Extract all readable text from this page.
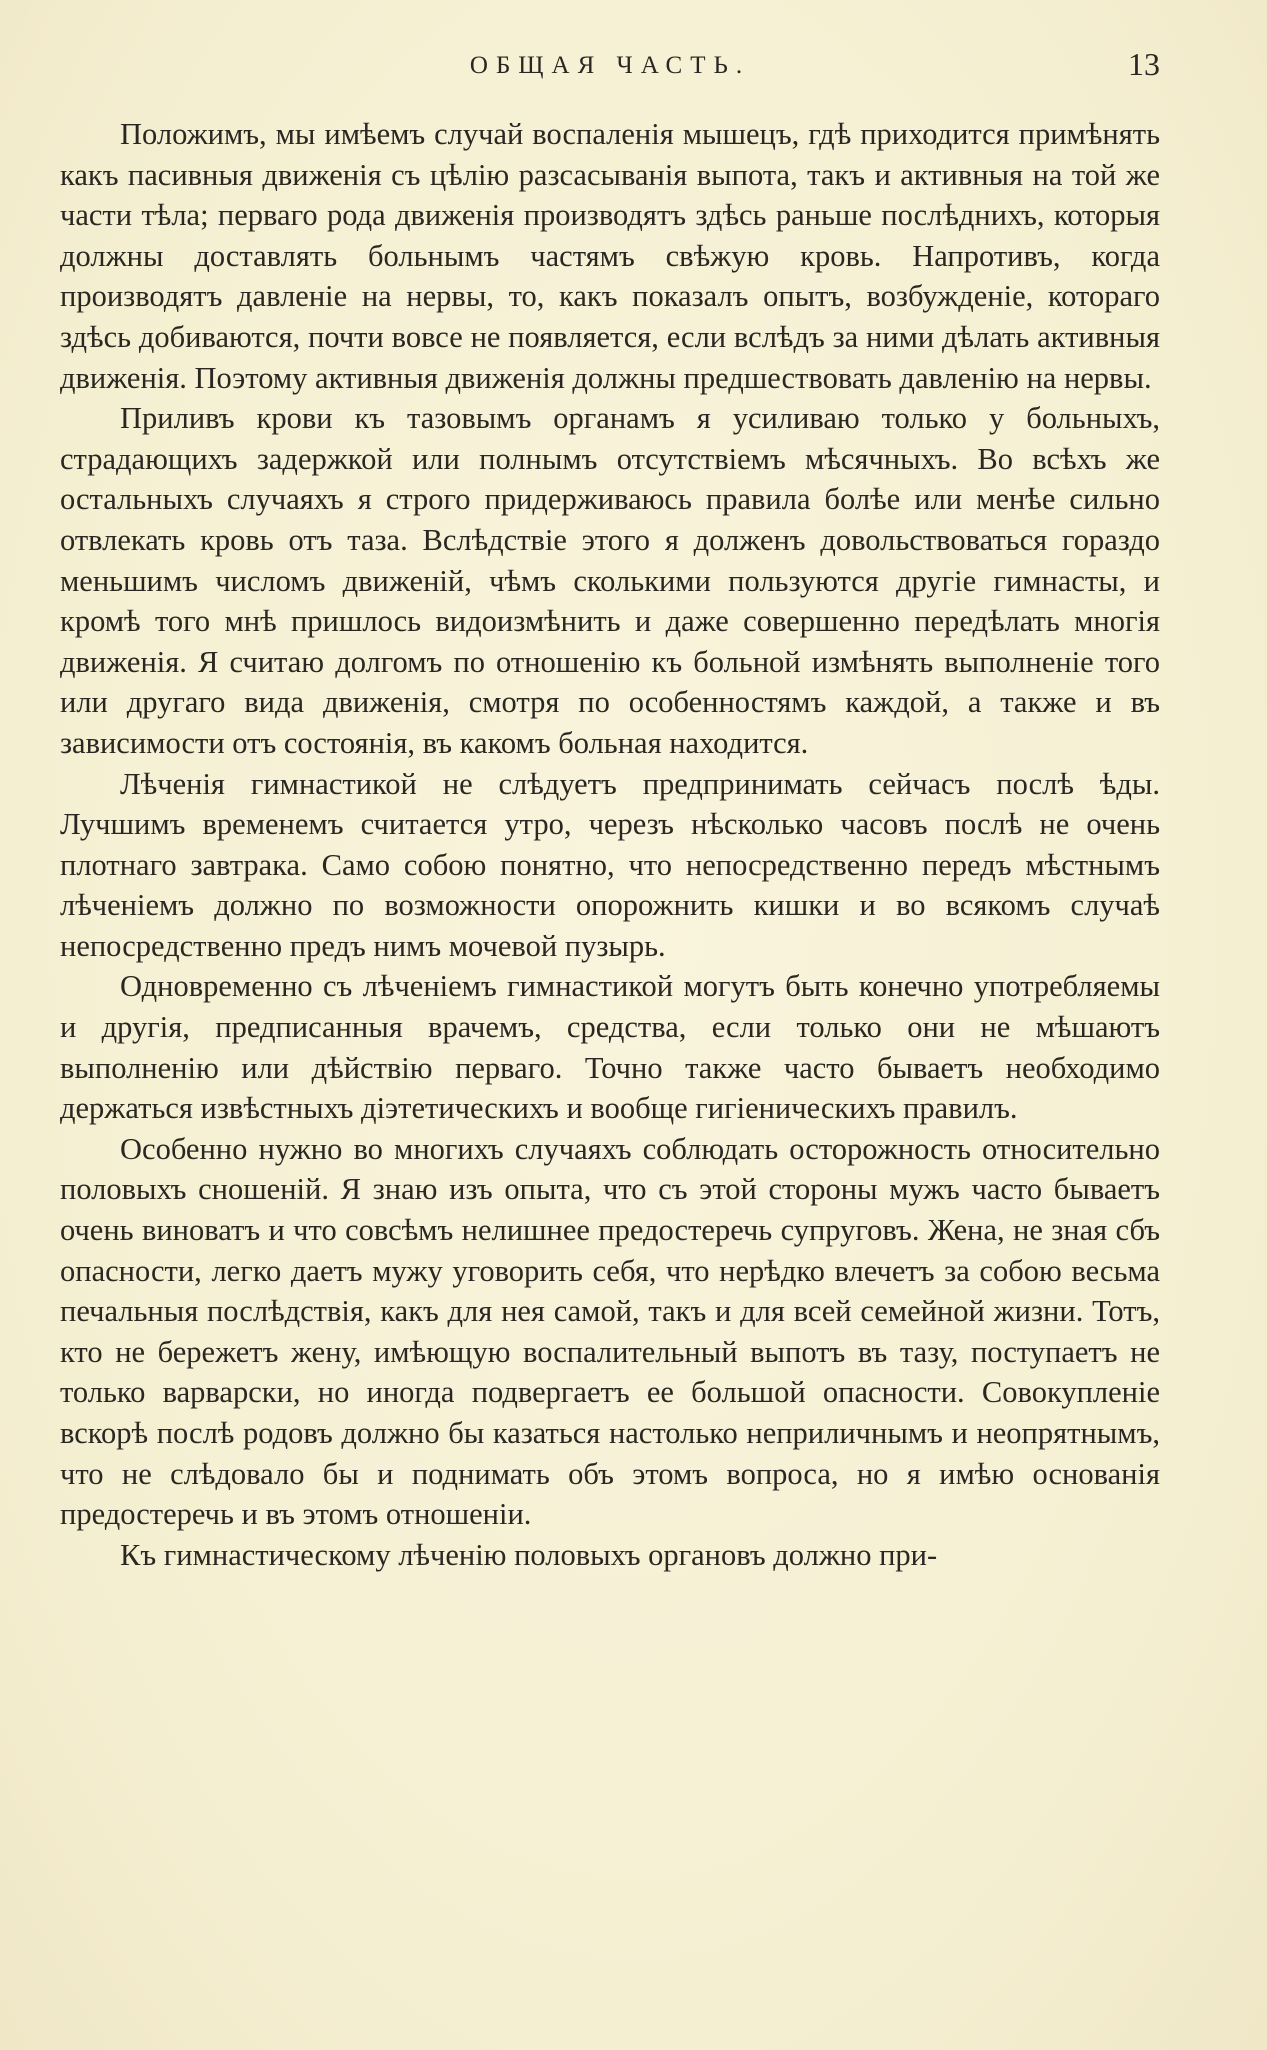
ОБЩАЯ ЧАСТЬ.	13

Положимъ, мы имѣемъ случай воспаленія мышецъ, гдѣ приходится примѣнять какъ пасивныя движенія съ цѣлію разсасыванія выпота, такъ и активныя на той же части тѣла; перваго рода движенія производятъ здѣсь раньше послѣднихъ, которыя должны доставлять больнымъ частямъ свѣжую кровь. Напротивъ, когда производятъ давленіе на нервы, то, какъ показалъ опытъ, возбужденіе, котораго здѣсь добиваются, почти вовсе не появляется, если вслѣдъ за ними дѣлать активныя движенія. Поэтому активныя движенія должны предшествовать давленію на нервы.

Приливъ крови къ тазовымъ органамъ я усиливаю только у больныхъ, страдающихъ задержкой или полнымъ отсутствіемъ мѣсячныхъ. Во всѣхъ же остальныхъ случаяхъ я строго придерживаюсь правила болѣе или менѣе сильно отвлекать кровь отъ таза. Вслѣдствіе этого я долженъ довольствоваться гораздо меньшимъ числомъ движеній, чѣмъ сколькими пользуются другіе гимнасты, и кромѣ того мнѣ пришлось видоизмѣнить и даже совершенно передѣлать многія движенія. Я считаю долгомъ по отношенію къ больной измѣнять выполненіе того или другаго вида движенія, смотря по особенностямъ каждой, а также и въ зависимости отъ состоянія, въ какомъ больная находится.

Лѣченія гимнастикой не слѣдуетъ предпринимать сейчасъ послѣ ѣды. Лучшимъ временемъ считается утро, черезъ нѣсколько часовъ послѣ не очень плотнаго завтрака. Само собою понятно, что непосредственно передъ мѣстнымъ лѣченіемъ должно по возможности опорожнить кишки и во всякомъ случаѣ непосредственно предъ нимъ мочевой пузырь.

Одновременно съ лѣченіемъ гимнастикой могутъ быть конечно употребляемы и другія, предписанныя врачемъ, средства, если только они не мѣшаютъ выполненію или дѣйствію перваго. Точно также часто бываетъ необходимо держаться извѣстныхъ діэтетическихъ и вообще гигіеническихъ правилъ.

Особенно нужно во многихъ случаяхъ соблюдать осторожность относительно половыхъ сношеній. Я знаю изъ опыта, что съ этой стороны мужъ часто бываетъ очень виноватъ и что совсѣмъ нелишнее предостеречь супруговъ. Жена, не зная сбъ опасности, легко даетъ мужу уговорить себя, что нерѣдко влечетъ за собою весьма печальныя послѣдствія, какъ для нея самой, такъ и для всей семейной жизни. Тотъ, кто не бережетъ жену, имѣющую воспалительный выпотъ въ тазу, поступаетъ не только варварски, но иногда подвергаетъ ее большой опасности. Совокупленіе вскорѣ послѣ родовъ должно бы казаться настолько неприличнымъ и неопрятнымъ, что не слѣдовало бы и поднимать объ этомъ вопроса, но я имѣю основанія предостеречь и въ этомъ отношеніи.

Къ гимнастическому лѣченію половыхъ органовъ должно при-
